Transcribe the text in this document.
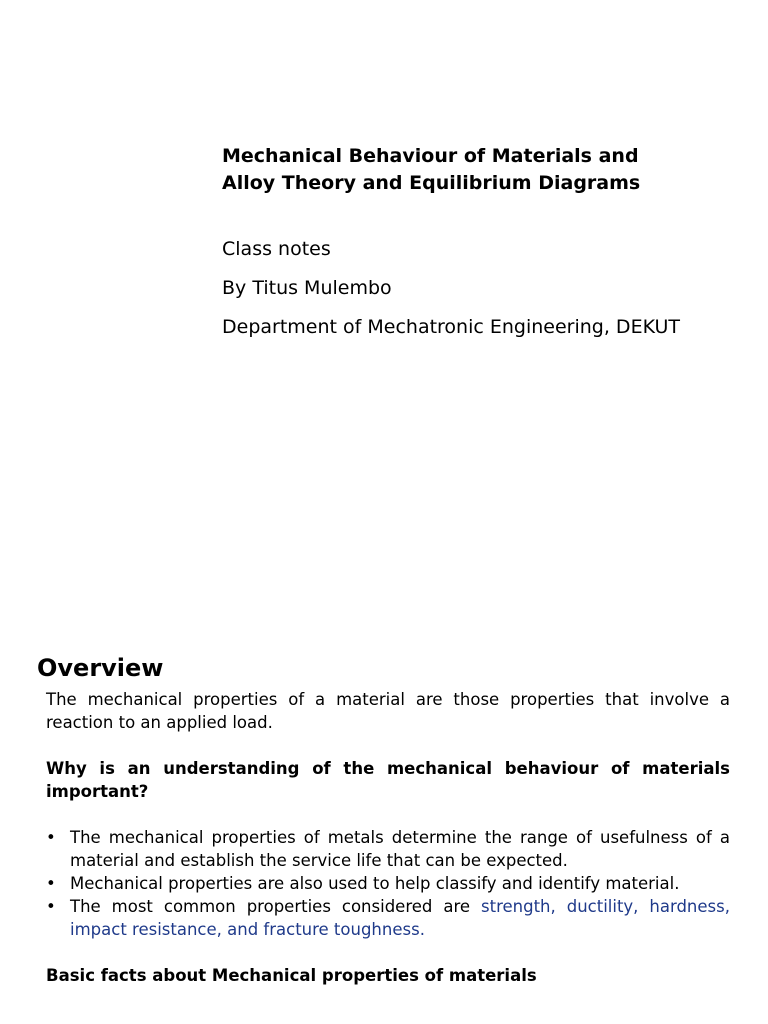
Mechanical Behaviour of Materials and
Alloy Theory and Equilibrium Diagrams

Class notes

By Titus Mulembo

Department of Mechatronic Engineering, DEKUT

Overview

The mechanical properties of a material are those properties that involve a reaction to an applied load.

Why is an understanding of the mechanical behaviour of materials important?

• The mechanical properties of metals determine the range of usefulness of a material and establish the service life that can be expected.
• Mechanical properties are also used to help classify and identify material.
• The most common properties considered are strength, ductility, hardness, impact resistance, and fracture toughness.

Basic facts about Mechanical properties of materials
